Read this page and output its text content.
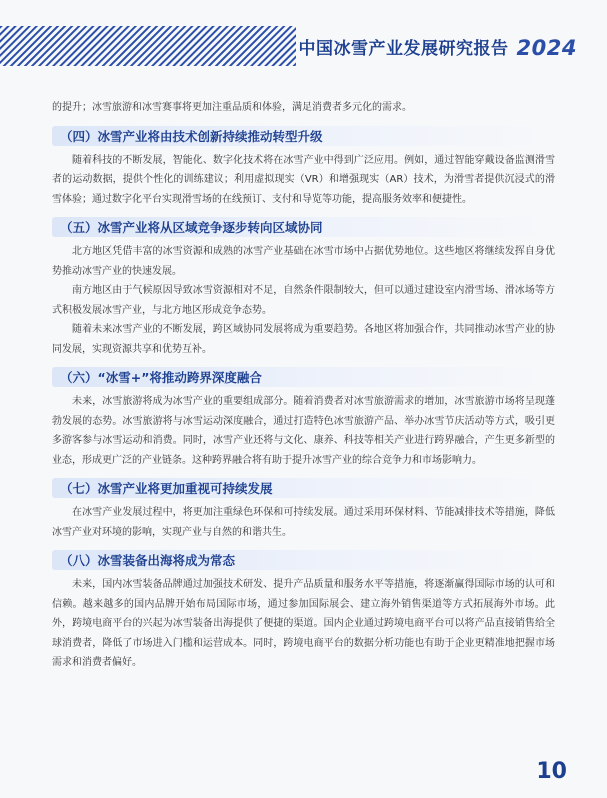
中国冰雪产业发展研究报告 2024

的提升；冰雪旅游和冰雪赛事将更加注重品质和体验，满足消费者多元化的需求。

（四）冰雪产业将由技术创新持续推动转型升级

随着科技的不断发展，智能化、数字化技术将在冰雪产业中得到广泛应用。例如，通过智能穿戴设备监测滑雪者的运动数据，提供个性化的训练建议；利用虚拟现实（VR）和增强现实（AR）技术，为滑雪者提供沉浸式的滑雪体验；通过数字化平台实现滑雪场的在线预订、支付和导览等功能，提高服务效率和便捷性。

（五）冰雪产业将从区域竞争逐步转向区域协同

北方地区凭借丰富的冰雪资源和成熟的冰雪产业基础在冰雪市场中占据优势地位。这些地区将继续发挥自身优势推动冰雪产业的快速发展。

南方地区由于气候原因导致冰雪资源相对不足，自然条件限制较大，但可以通过建设室内滑雪场、滑冰场等方式积极发展冰雪产业，与北方地区形成竞争态势。

随着未来冰雪产业的不断发展，跨区域协同发展将成为重要趋势。各地区将加强合作，共同推动冰雪产业的协同发展，实现资源共享和优势互补。

（六）“冰雪+”将推动跨界深度融合

未来，冰雪旅游将成为冰雪产业的重要组成部分。随着消费者对冰雪旅游需求的增加，冰雪旅游市场将呈现蓬勃发展的态势。冰雪旅游将与冰雪运动深度融合，通过打造特色冰雪旅游产品、举办冰雪节庆活动等方式，吸引更多游客参与冰雪运动和消费。同时，冰雪产业还将与文化、康养、科技等相关产业进行跨界融合，产生更多新型的业态，形成更广泛的产业链条。这种跨界融合将有助于提升冰雪产业的综合竞争力和市场影响力。

（七）冰雪产业将更加重视可持续发展

在冰雪产业发展过程中，将更加注重绿色环保和可持续发展。通过采用环保材料、节能减排技术等措施，降低冰雪产业对环境的影响，实现产业与自然的和谐共生。

（八）冰雪装备出海将成为常态

未来，国内冰雪装备品牌通过加强技术研发、提升产品质量和服务水平等措施，将逐渐赢得国际市场的认可和信赖。越来越多的国内品牌开始布局国际市场，通过参加国际展会、建立海外销售渠道等方式拓展海外市场。此外，跨境电商平台的兴起为冰雪装备出海提供了便捷的渠道。国内企业通过跨境电商平台可以将产品直接销售给全球消费者，降低了市场进入门槛和运营成本。同时，跨境电商平台的数据分析功能也有助于企业更精准地把握市场需求和消费者偏好。

10
